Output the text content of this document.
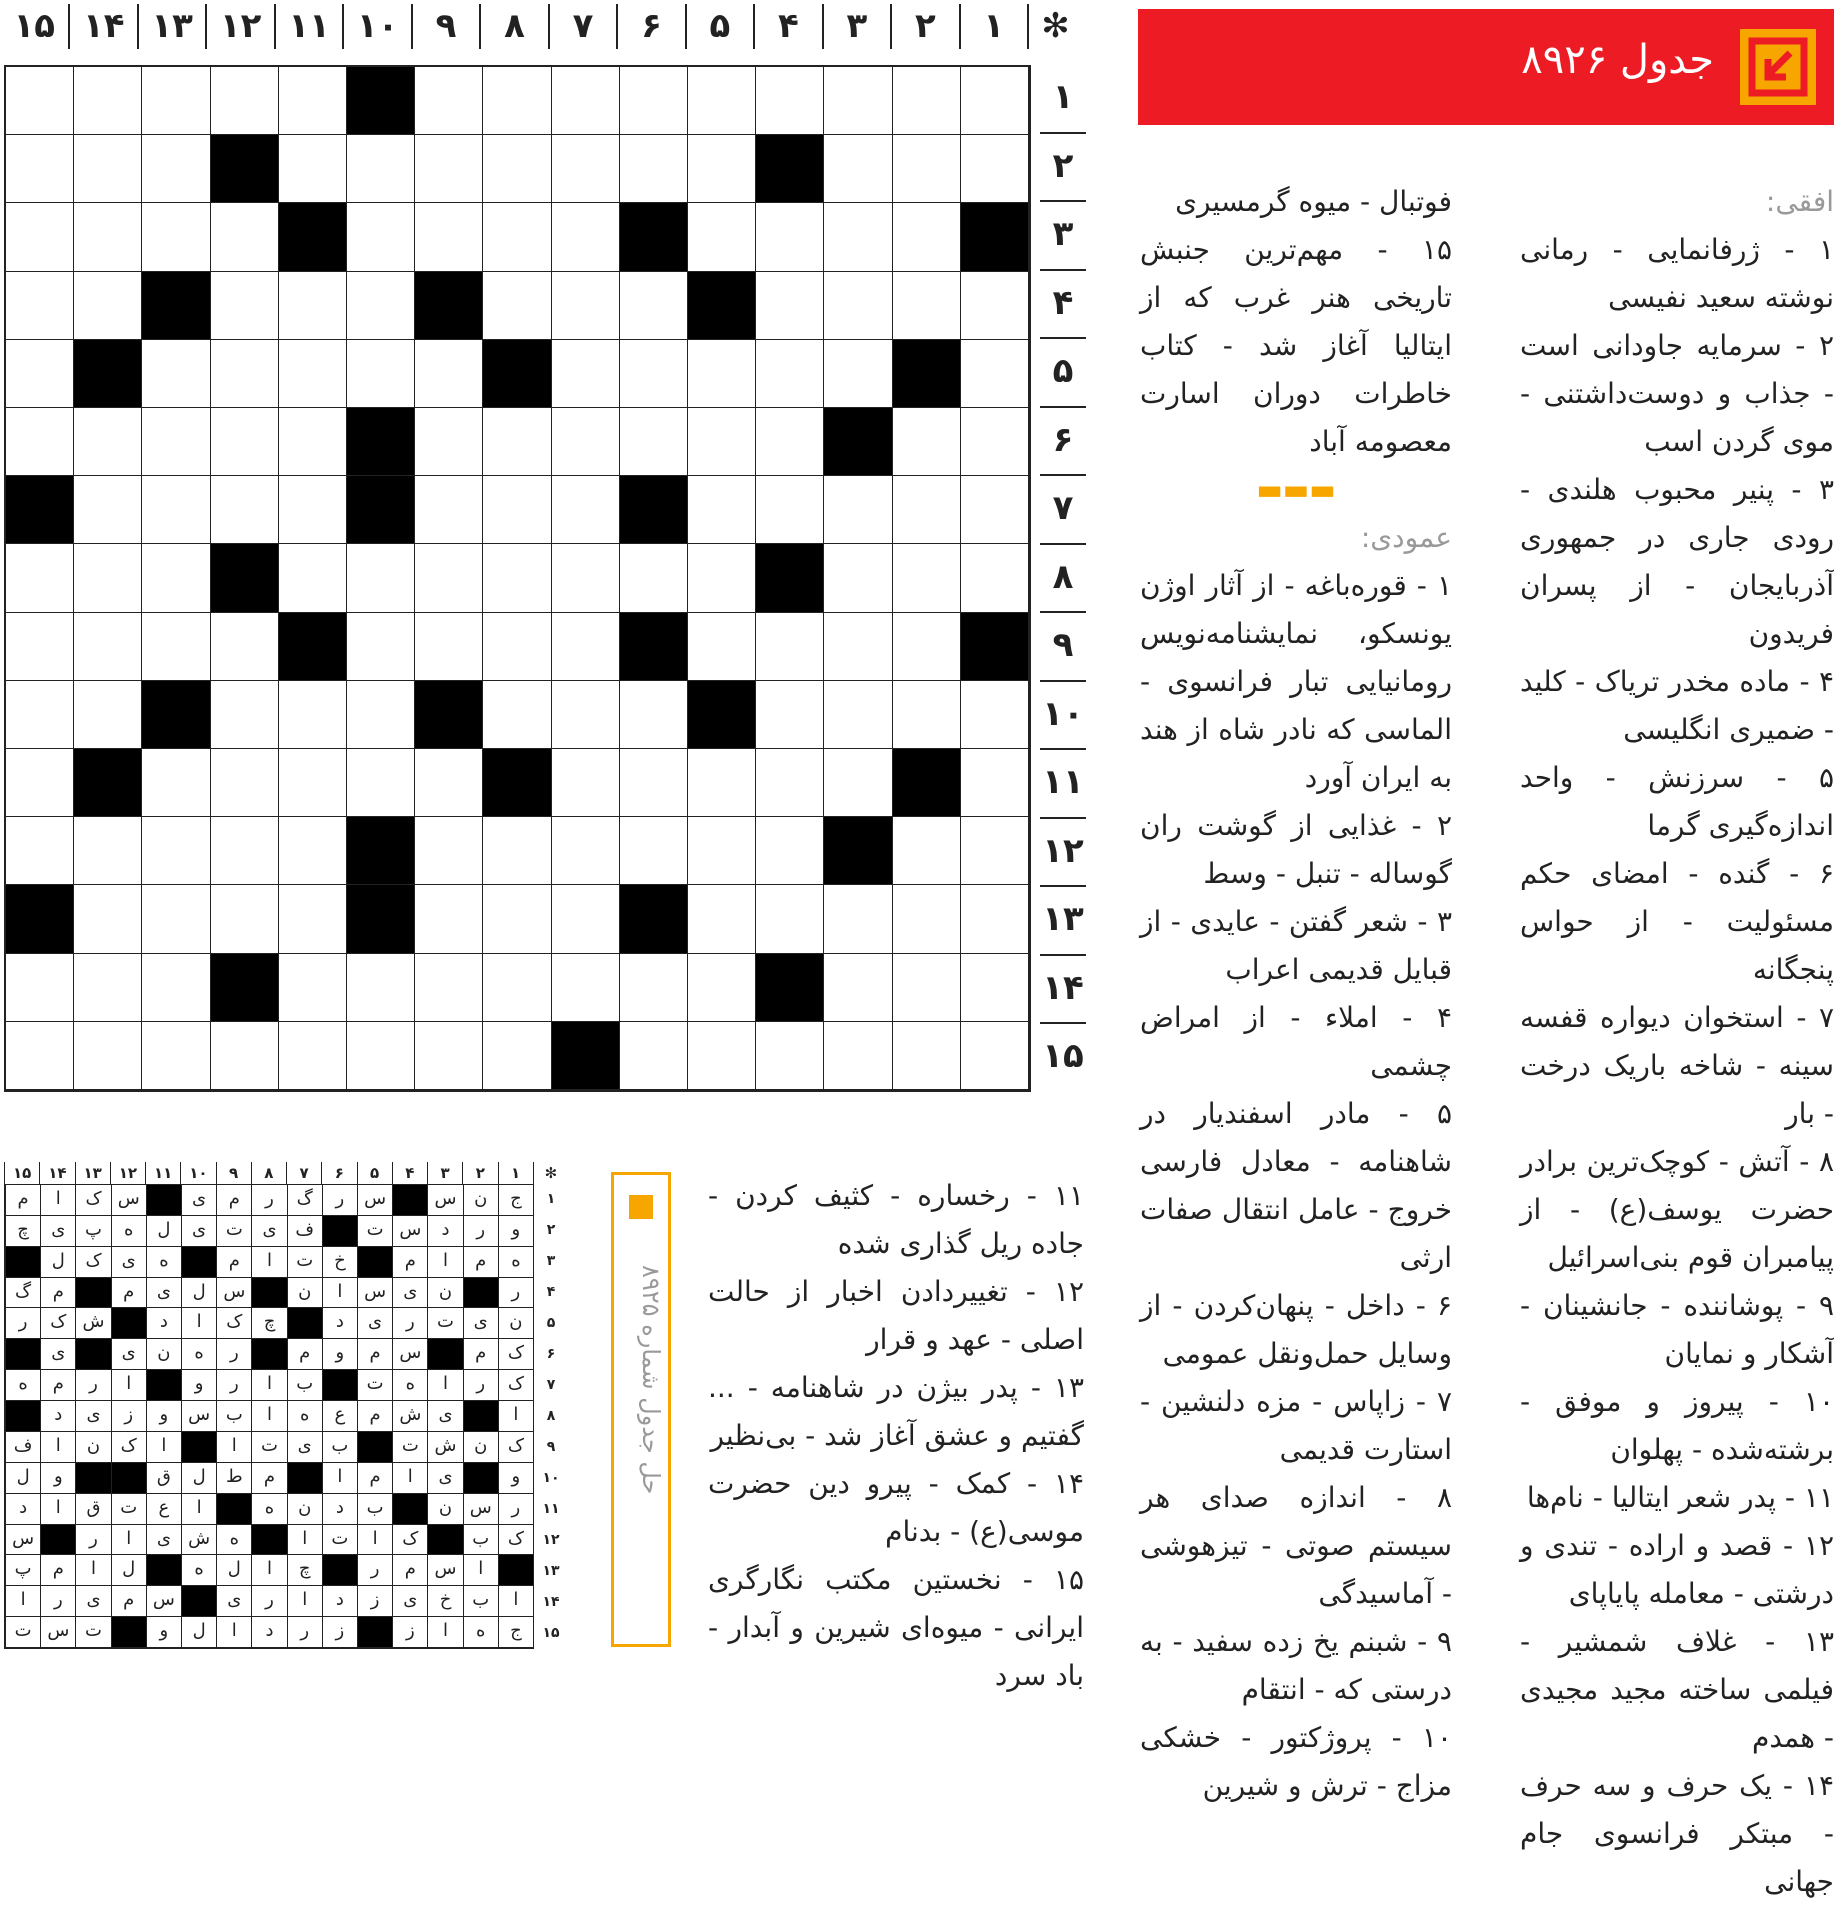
جدول ۸۹۲۶
✻
۱
۲
۳
۴
۵
۶
۷
۸
۹
۱۰
۱۱
۱۲
۱۳
۱۴
۱۵
۱
۲
۳
۴
۵
۶
۷
۸
۹
۱۰
۱۱
۱۲
۱۳
۱۴
۱۵

افقی:

۱ - ژرفانمایی - رمانی نوشته سعید نفیسی

۲ - سرمایه جاودانی است - جذاب و دوست‌داشتنی - موی گردن اسب

۳ - پنیر محبوب هلندی - رودی جاری در جمهوری آذربایجان - از پسران فریدون

۴ - ماده مخدر تریاک - کلید - ضمیری انگلیسی

۵ - سرزنش - واحد اندازه‌گیری گرما

۶ - گنده - امضای حکم مسئولیت - از حواس پنجگانه

۷ - استخوان دیواره قفسه سینه - شاخه باریک درخت - بار

۸ - آتش - کوچک‌ترین برادر حضرت یوسف(ع) - از پیامبران قوم بنی‌اسرائیل

۹ - پوشاننده - جانشینان - آشکار و نمایان

۱۰ - پیروز و موفق - برشته‌شده - پهلوان

۱۱ - پدر شعر ایتالیا - نام‌ها

۱۲ - قصد و اراده - تندی و درشتی - معامله پایاپای

۱۳ - غلاف شمشیر - فیلمی ساخته مجید مجیدی - همدم

۱۴ - یک حرف و سه حرف - مبتکر فرانسوی جام جهانی

فوتبال - میوه گرمسیری

۱۵ - مهم‌ترین جنبش تاریخی هنر غرب که از ایتالیا آغاز شد - کتاب خاطرات دوران اسارت معصومه آباد

▬▬▬

عمودی:

۱ - قوره‌باغه - از آثار اوژن یونسکو، نمایشنامه‌نویس رومانیایی تبار فرانسوی - الماسی که نادر شاه از هند به ایران آورد

۲ - غذایی از گوشت ران گوساله - تنبل - وسط

۳ - شعر گفتن - عایدی - از قبایل قدیمی اعراب

۴ - املاء - از امراض چشمی

۵ - مادر اسفندیار در شاهنامه - معادل فارسی خروج - عامل انتقال صفات ارثی

۶ - داخل - پنهان‌کردن - از وسایل حمل‌ونقل عمومی

۷ - زاپاس - مزه دلنشین - استارت قدیمی

۸ - اندازه صدای هر سیستم صوتی - تیزهوشی - آماسیدگی

۹ - شبنم یخ زده سفید - به درستی که - انتقام

۱۰ - پروژکتور - خشکی مزاج - ترش و شیرین

۱۱ - رخساره - کثیف کردن - جاده ریل گذاری شده

۱۲ - تغییردادن اخبار از حالت اصلی - عهد و قرار

۱۳ - پدر بیژن در شاهنامه - ... گفتیم و عشق آغاز شد - بی‌نظیر

۱۴ - کمک - پیرو دین حضرت موسی(ع) - بدنام

۱۵ - نخستین مکتب نگارگری ایرانی - میوه‌ای شیرین و آبدار - باد سرد

حل جدول شماره ۸۹۲۵
✻
۱
۲
۳
۴
۵
۶
۷
۸
۹
۱۰
۱۱
۱۲
۱۳
۱۴
۱۵
ج
ن
س
س
ر
گ
ر
م
ی
س
ک
ا
م
و
ر
د
س
ت
ف
ی
ت
ی
ل
ه
پ
ی
چ
ه
م
ا
م
خ
ت
ا
م
ه
ی
ک
ل
ر
ن
ی
س
ا
ن
س
ل
ی
م
م
گ
ن
ی
ت
ر
ی
د
چ
ک
ا
د
ش
ک
ر
ک
م
س
م
و
م
ر
ه
ن
ی
ی
ک
ر
ا
ه
ت
ب
ا
ر
و
ا
ر
م
ه
ا
ی
ش
م
ع
ه
ا
ب
س
و
ز
ی
د
ک
ن
ش
ت
ب
ی
ت
ا
ا
ک
ن
ا
ف
و
ی
ا
م
ا
م
ط
ل
ق
و
ل
ر
س
ن
ب
د
ن
ه
ا
ع
ت
ق
ا
د
ک
ب
ک
ا
ت
ا
ه
ش
ی
ا
ر
س
ا
س
م
ر
چ
ا
ل
ه
ل
ا
م
پ
ا
ب
خ
ی
ز
د
ا
ر
ی
س
م
ی
ر
ا
ج
ه
ا
ز
ز
ر
د
ا
ل
و
ت
س
ت
۱
۲
۳
۴
۵
۶
۷
۸
۹
۱۰
۱۱
۱۲
۱۳
۱۴
۱۵
